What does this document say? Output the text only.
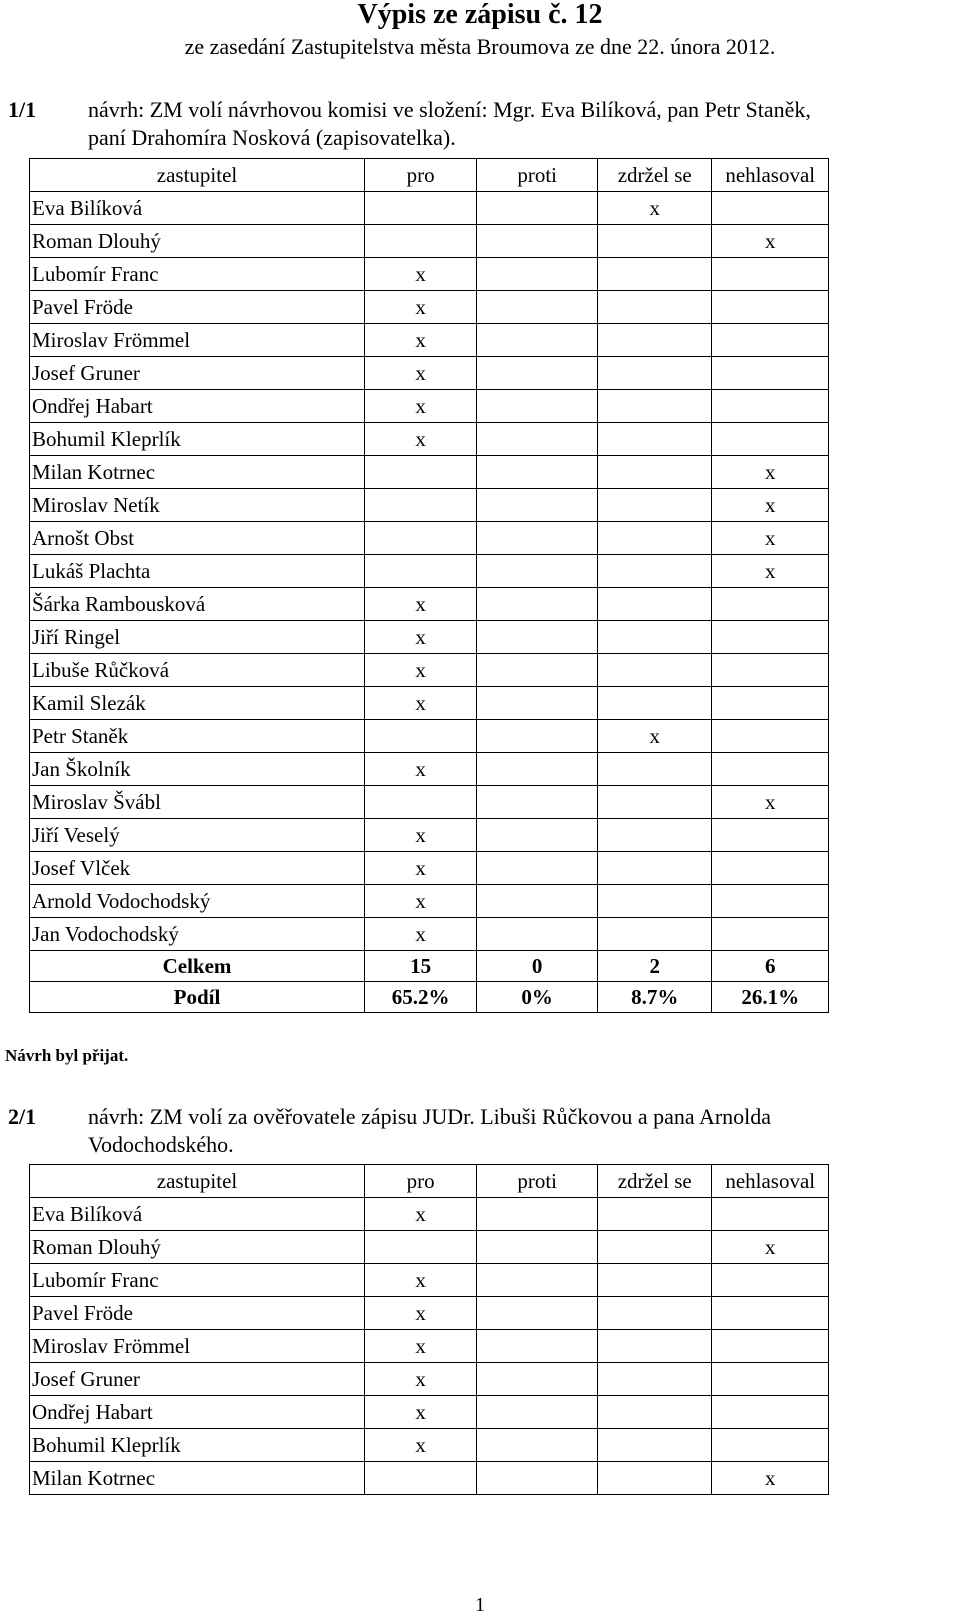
Výpis ze zápisu č. 12
ze zasedání Zastupitelstva města Broumova ze dne 22. února 2012.
1/1 návrh: ZM volí návrhovou komisi ve složení: Mgr. Eva Bilíková, pan Petr Staněk,
paní Drahomíra Nosková (zapisovatelka).
zastupitel	pro	proti	zdržel se	nehlasoval
Eva Bilíková			x	
Roman Dlouhý				x
Lubomír Franc	x			
Pavel Fröde	x			
Miroslav Frömmel	x			
Josef Gruner	x			
Ondřej Habart	x			
Bohumil Kleprlík	x			
Milan Kotrnec				x
Miroslav Netík				x
Arnošt Obst				x
Lukáš Plachta				x
Šárka Rambousková	x			
Jiří Ringel	x			
Libuše Růčková	x			
Kamil Slezák	x			
Petr Staněk			x	
Jan Školník	x			
Miroslav Švábl				x
Jiří Veselý	x			
Josef Vlček	x			
Arnold Vodochodský	x			
Jan Vodochodský	x			
Celkem	15	0	2	6
Podíl	65.2%	0%	8.7%	26.1%
Návrh byl přijat.
2/1 návrh: ZM volí za ověřovatele zápisu JUDr. Libuši Růčkovou a pana Arnolda
Vodochodského.
zastupitel	pro	proti	zdržel se	nehlasoval
Eva Bilíková	x			
Roman Dlouhý				x
Lubomír Franc	x			
Pavel Fröde	x			
Miroslav Frömmel	x			
Josef Gruner	x			
Ondřej Habart	x			
Bohumil Kleprlík	x			
Milan Kotrnec				x
1
